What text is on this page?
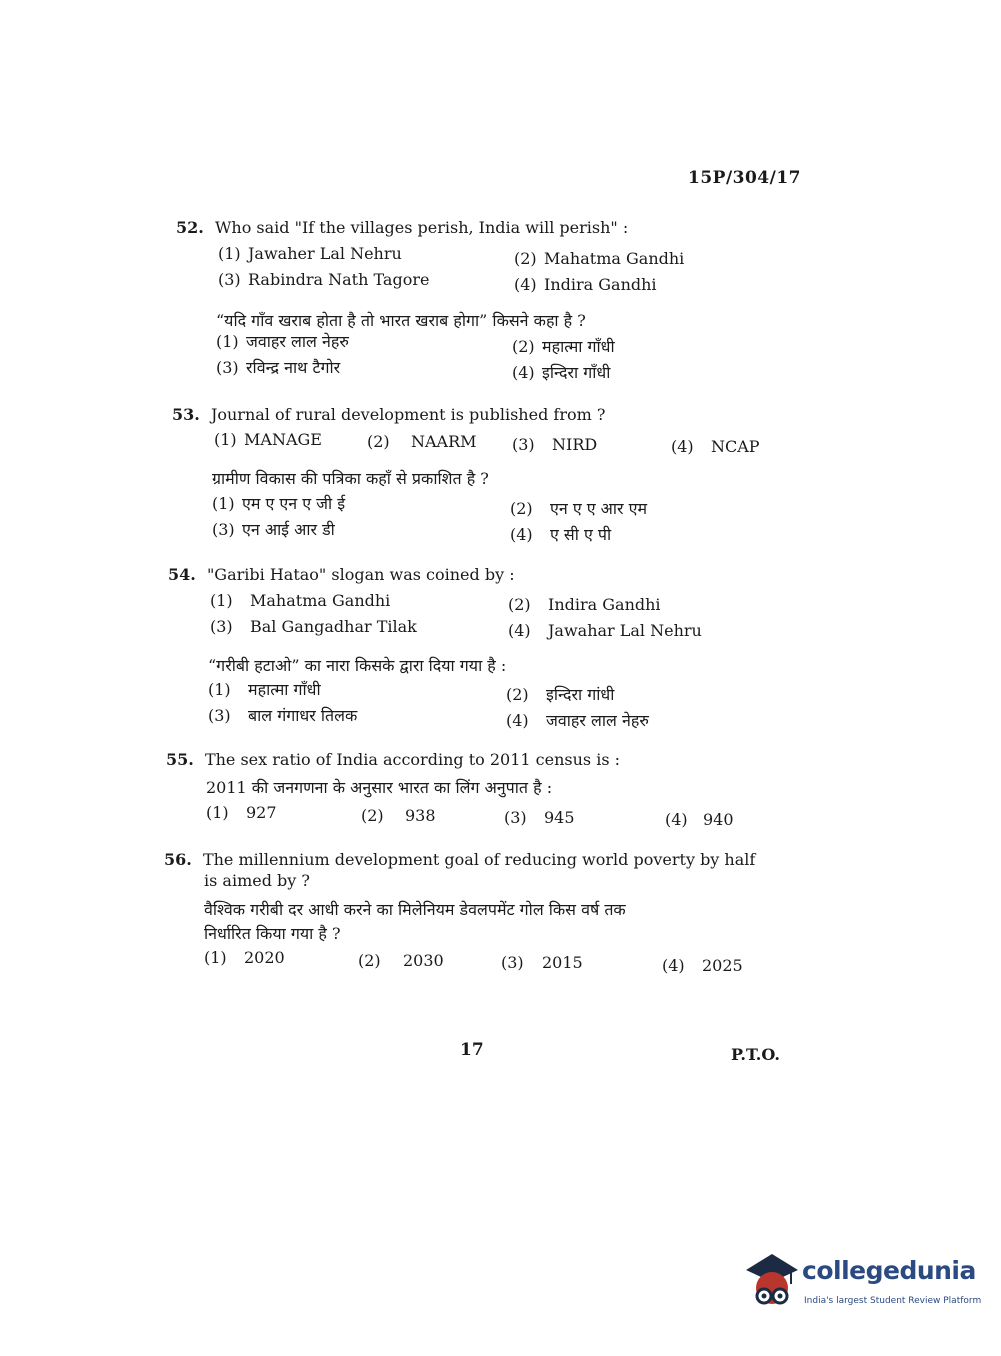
15P/304/17
52. Who said "If the villages perish, India will perish" :
(1) Jawaher Lal Nehru	(2) Mahatma Gandhi
(3) Rabindra Nath Tagore	(4) Indira Gandhi
“यदि गाँव खराब होता है तो भारत खराब होगा” किसने कहा है ?
(1) जवाहर लाल नेहरु	(2) महात्मा गाँधी
(3) रविन्द्र नाथ टैगोर	(4) इन्दिरा गाँधी
53. Journal of rural development is published from ?
(1) MANAGE	(2) NAARM (3) NIRD	(4) NCAP
ग्रामीण विकास की पत्रिका कहाँ से प्रकाशित है ?
(1) एम ए एन ए जी ई	(2) एन ए ए आर एम
(3) एन आई आर डी	(4) ए सी ए पी
54. "Garibi Hatao" slogan was coined by :
(1) Mahatma Gandhi	(2) Indira Gandhi
(3) Bal Gangadhar Tilak	(4) Jawahar Lal Nehru
“गरीबी हटाओ” का नारा किसके द्वारा दिया गया है :
(1) महात्मा गाँधी	(2) इन्दिरा गांधी
(3) बाल गंगाधर तिलक	(4) जवाहर लाल नेहरु
55. The sex ratio of India according to 2011 census is :
2011 की जनगणना के अनुसार भारत का लिंग अनुपात है :
(1) 927	(2) 938	(3) 945	(4) 940
56. The millennium development goal of reducing world poverty by half
is aimed by ?
वैश्विक गरीबी दर आधी करने का मिलेनियम डेवलपमेंट गोल किस वर्ष तक
निर्धारित किया गया है ?
(1) 2020	(2) 2030	(3) 2015	(4) 2025
17	P.T.O.
collegedunia
India's largest Student Review Platform
